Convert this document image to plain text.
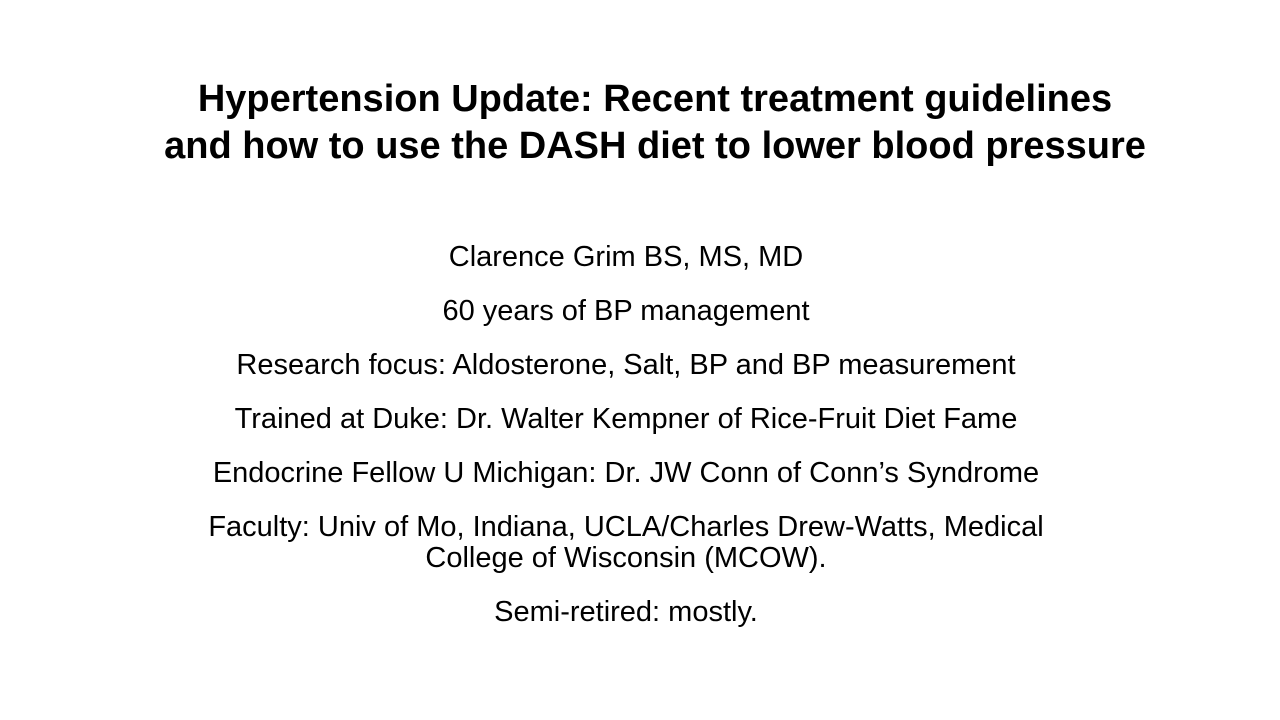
Hypertension Update: Recent treatment guidelines
and how to use the DASH diet to lower blood pressure
Clarence Grim BS, MS, MD
60 years of BP management
Research focus: Aldosterone, Salt, BP and BP measurement
Trained at Duke: Dr. Walter Kempner of Rice-Fruit Diet Fame
Endocrine Fellow U Michigan: Dr. JW Conn of Conn’s Syndrome
Faculty: Univ of Mo, Indiana, UCLA/Charles Drew-Watts, Medical
College of Wisconsin (MCOW).
Semi-retired: mostly.
